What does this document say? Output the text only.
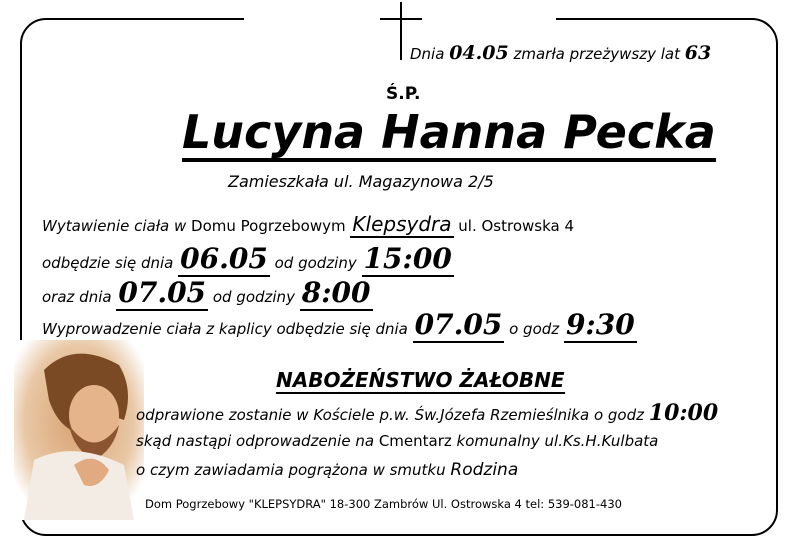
Dnia 04.05 zmarła przeżywszy lat 63
Ś.P.
Lucyna Hanna Pecka
Zamieszkała ul. Magazynowa 2/5
Wytawienie ciała w Domu Pogrzebowym Klepsydra ul. Ostrowska 4
odbędzie się dnia 06.05 od godziny 15:00
oraz dnia 07.05 od godziny 8:00
Wyprowadzenie ciała z kaplicy odbędzie się dnia 07.05 o godz 9:30
NABOŻEŃSTWO ŻAŁOBNE
odprawione zostanie w Kościele p.w. Św.Józefa Rzemieślnika o godz 10:00
skąd nastąpi odprowadzenie na Cmentarz komunalny ul.Ks.H.Kulbata
o czym zawiadamia pogrążona w smutku Rodzina
Dom Pogrzebowy "KLEPSYDRA" 18-300 Zambrów Ul. Ostrowska 4 tel: 539-081-430
